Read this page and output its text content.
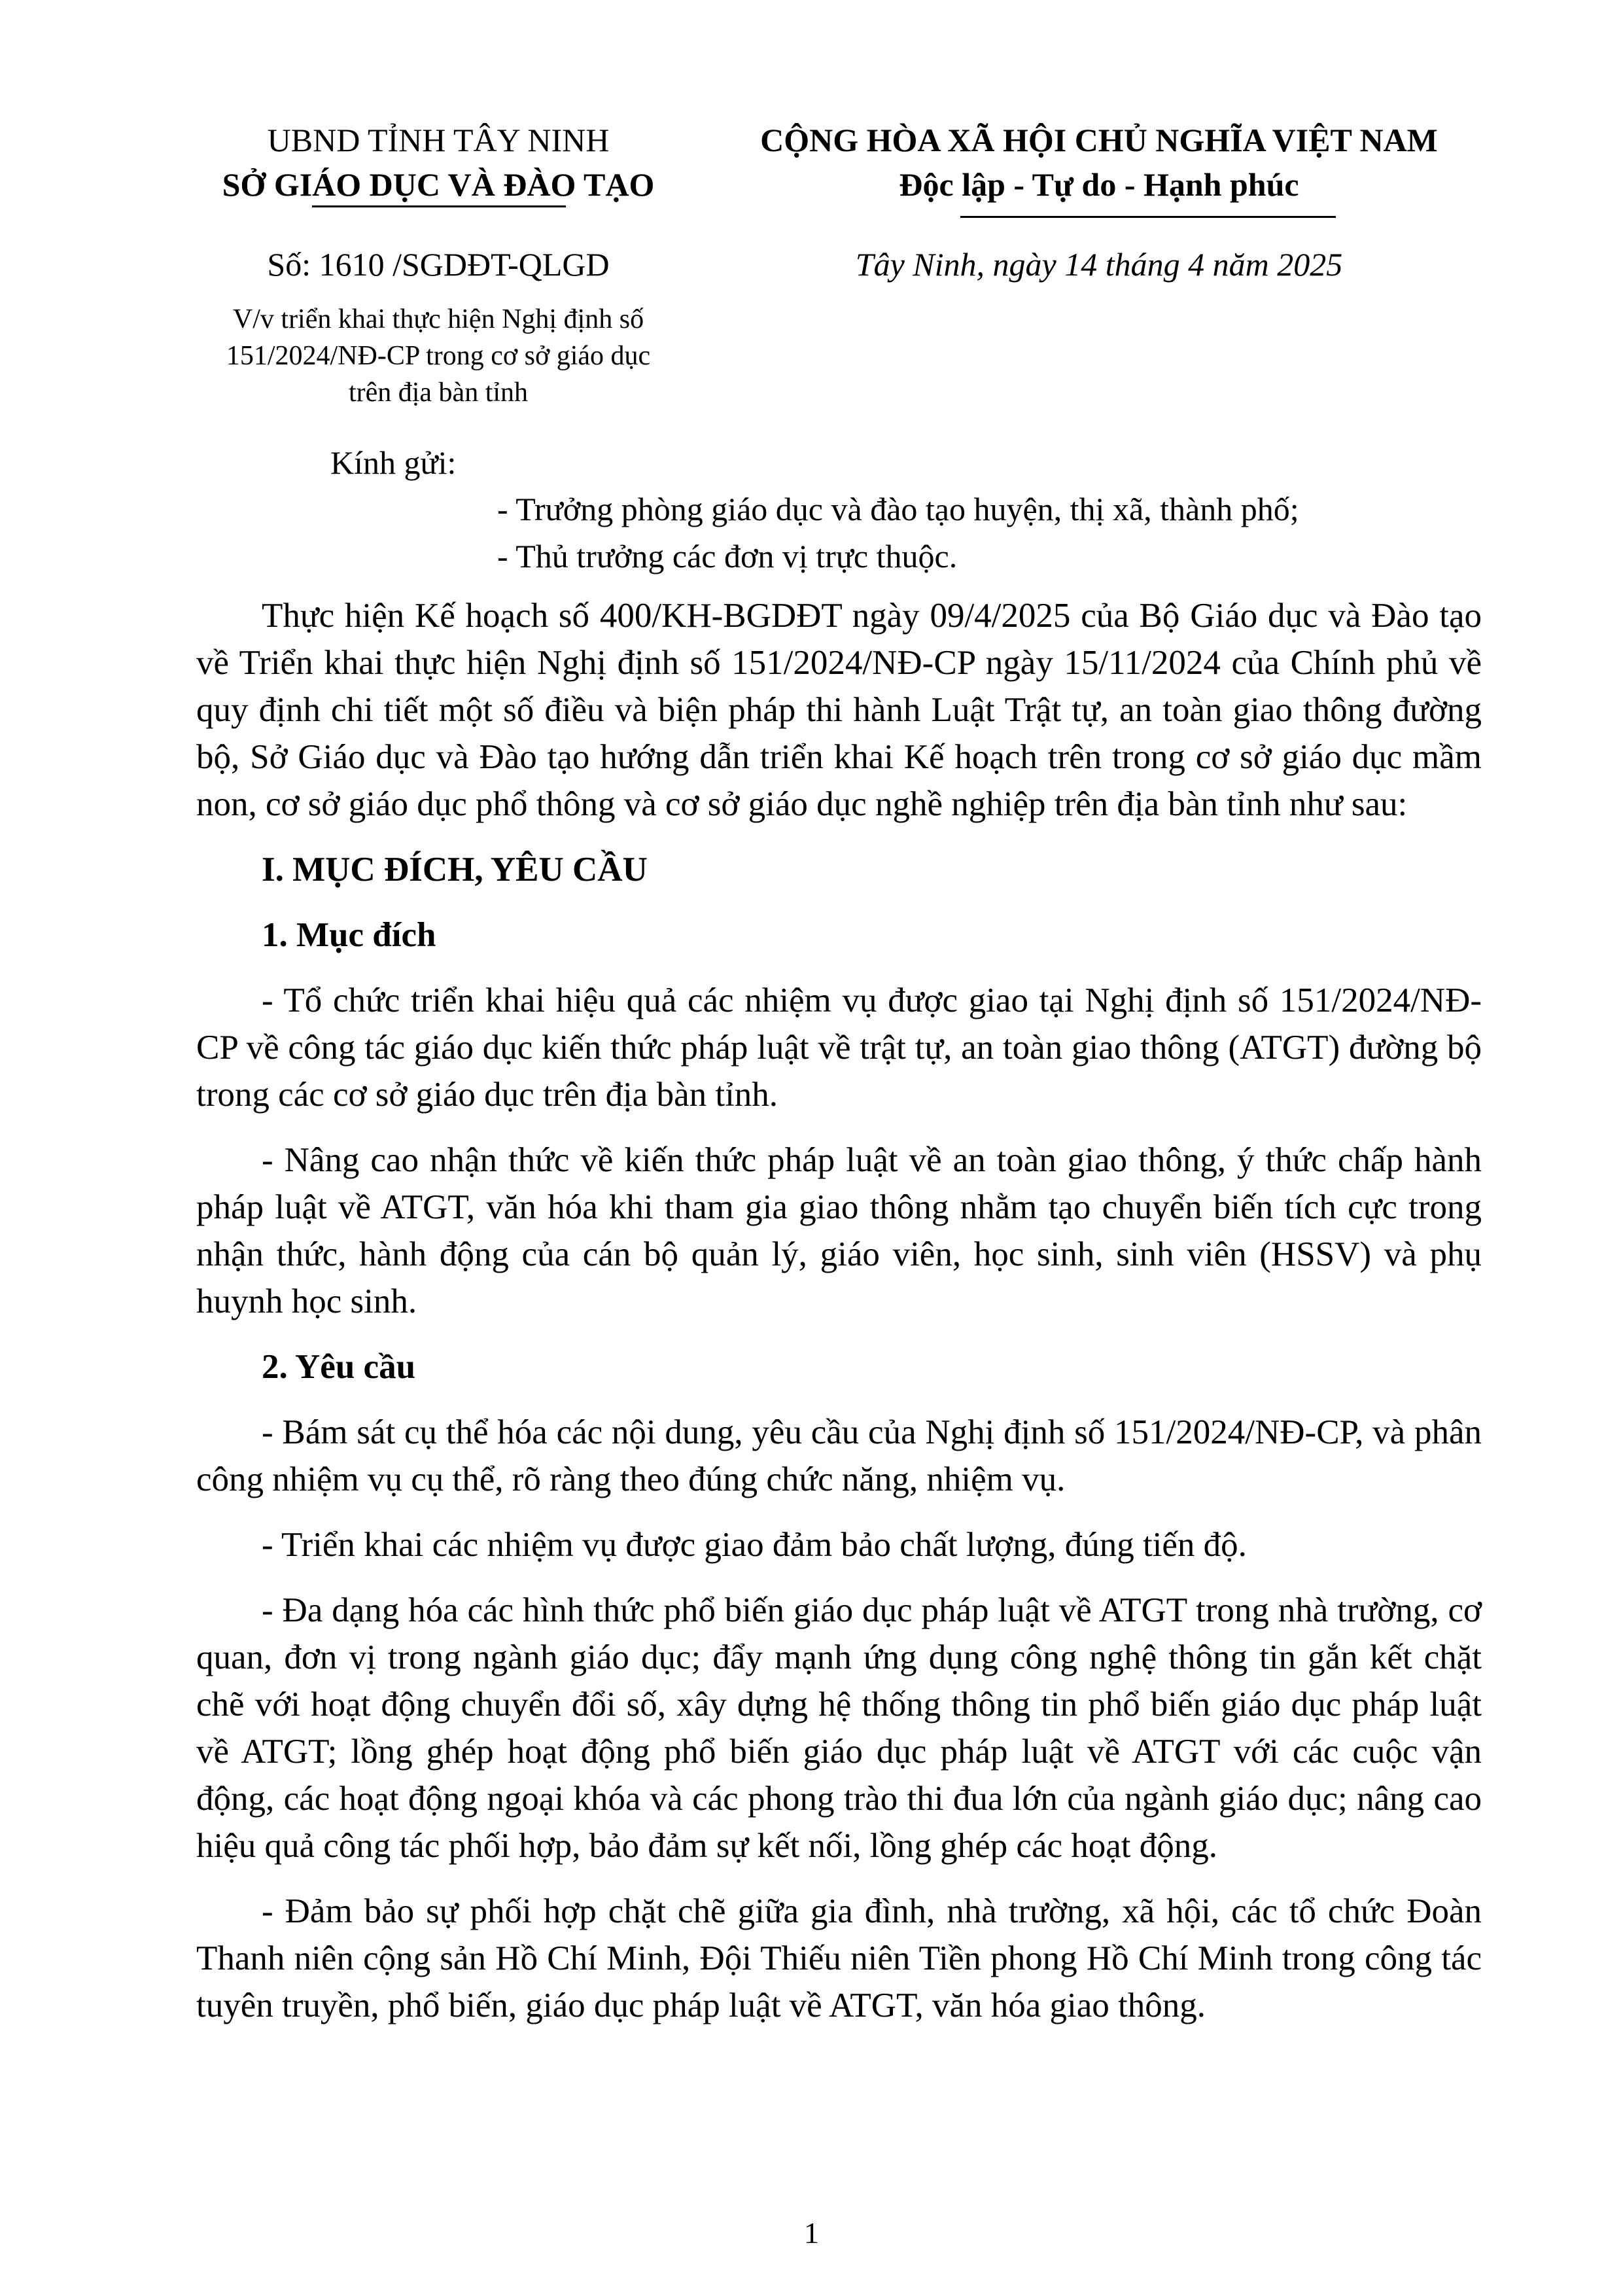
UBND TỈNH TÂY NINH
SỞ GIÁO DỤC VÀ ĐÀO TẠO
CỘNG HÒA XÃ HỘI CHỦ NGHĨA VIỆT NAM
Độc lập - Tự do - Hạnh phúc
Số: 1610 /SGDĐT-QLGD	Tây Ninh, ngày 14 tháng 4 năm 2025
V/v triển khai thực hiện Nghị định số
151/2024/NĐ-CP trong cơ sở giáo dục
trên địa bàn tỉnh
Kính gửi:
- Trưởng phòng giáo dục và đào tạo huyện, thị xã, thành phố;
- Thủ trưởng các đơn vị trực thuộc.

Thực hiện Kế hoạch số 400/KH-BGDĐT ngày 09/4/2025 của Bộ Giáo dục và Đào tạo về Triển khai thực hiện Nghị định số 151/2024/NĐ-CP ngày 15/11/2024 của Chính phủ về quy định chi tiết một số điều và biện pháp thi hành Luật Trật tự, an toàn giao thông đường bộ, Sở Giáo dục và Đào tạo hướng dẫn triển khai Kế hoạch trên trong cơ sở giáo dục mầm non, cơ sở giáo dục phổ thông và cơ sở giáo dục nghề nghiệp trên địa bàn tỉnh như sau:

I. MỤC ĐÍCH, YÊU CẦU
1. Mục đích

- Tổ chức triển khai hiệu quả các nhiệm vụ được giao tại Nghị định số 151/2024/NĐ-CP về công tác giáo dục kiến thức pháp luật về trật tự, an toàn giao thông (ATGT) đường bộ trong các cơ sở giáo dục trên địa bàn tỉnh.

- Nâng cao nhận thức về kiến thức pháp luật về an toàn giao thông, ý thức chấp hành pháp luật về ATGT, văn hóa khi tham gia giao thông nhằm tạo chuyển biến tích cực trong nhận thức, hành động của cán bộ quản lý, giáo viên, học sinh, sinh viên (HSSV) và phụ huynh học sinh.

2. Yêu cầu

- Bám sát cụ thể hóa các nội dung, yêu cầu của Nghị định số 151/2024/NĐ-CP, và phân công nhiệm vụ cụ thể, rõ ràng theo đúng chức năng, nhiệm vụ.

- Triển khai các nhiệm vụ được giao đảm bảo chất lượng, đúng tiến độ.

- Đa dạng hóa các hình thức phổ biến giáo dục pháp luật về ATGT trong nhà trường, cơ quan, đơn vị trong ngành giáo dục; đẩy mạnh ứng dụng công nghệ thông tin gắn kết chặt chẽ với hoạt động chuyển đổi số, xây dựng hệ thống thông tin phổ biến giáo dục pháp luật về ATGT; lồng ghép hoạt động phổ biến giáo dục pháp luật về ATGT với các cuộc vận động, các hoạt động ngoại khóa và các phong trào thi đua lớn của ngành giáo dục; nâng cao hiệu quả công tác phối hợp, bảo đảm sự kết nối, lồng ghép các hoạt động.

- Đảm bảo sự phối hợp chặt chẽ giữa gia đình, nhà trường, xã hội, các tổ chức Đoàn Thanh niên cộng sản Hồ Chí Minh, Đội Thiếu niên Tiền phong Hồ Chí Minh trong công tác tuyên truyền, phổ biến, giáo dục pháp luật về ATGT, văn hóa giao thông.

1
